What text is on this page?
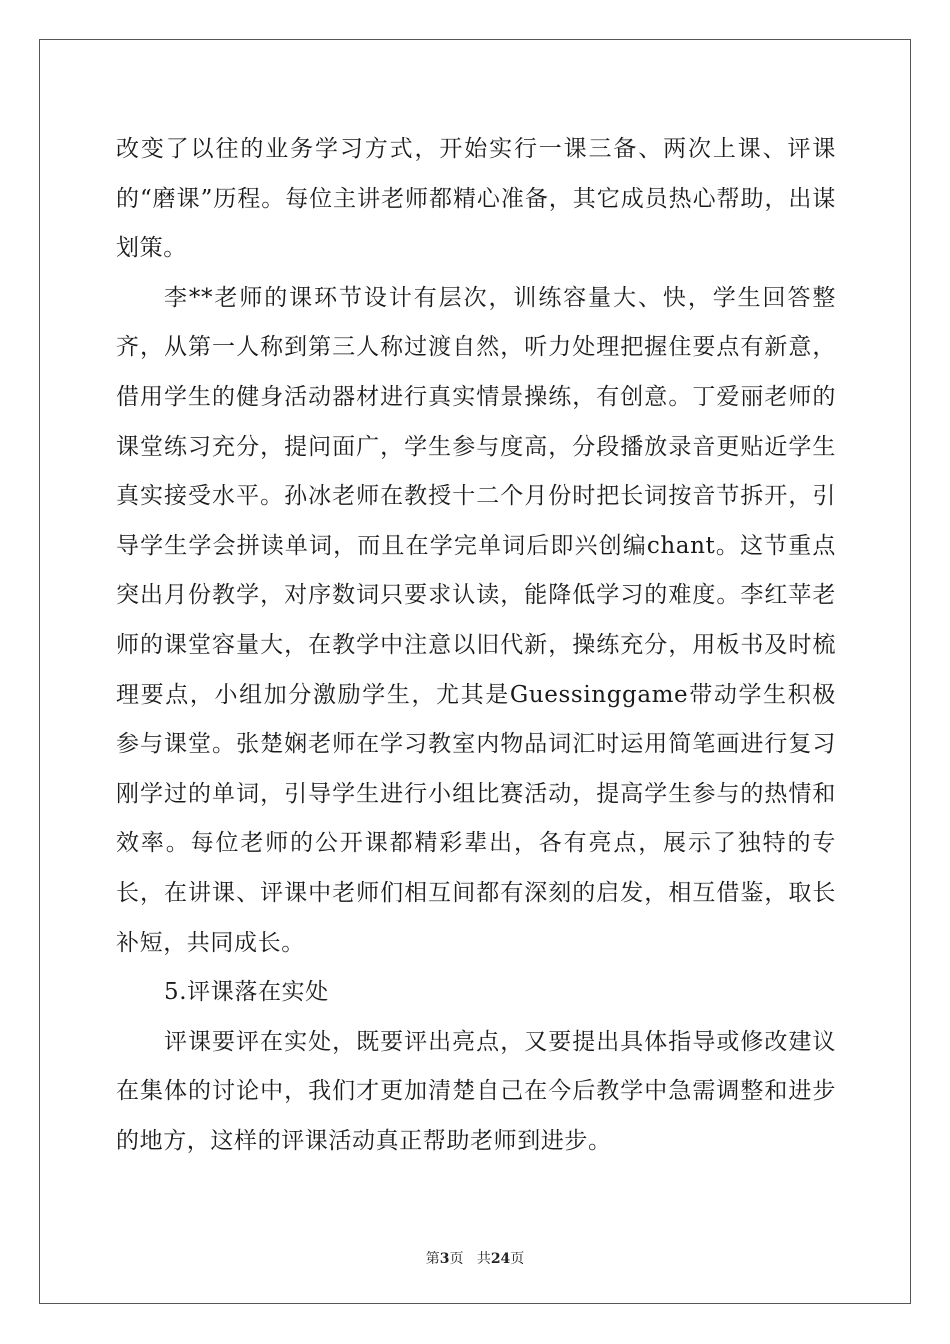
改变了以往的业务学习方式，开始实行一课三备、两次上课、评课的“磨课”历程。每位主讲老师都精心准备，其它成员热心帮助，出谋划策。

李**老师的课环节设计有层次，训练容量大、快，学生回答整齐，从第一人称到第三人称过渡自然，听力处理把握住要点有新意，借用学生的健身活动器材进行真实情景操练，有创意。丁爱丽老师的课堂练习充分，提问面广，学生参与度高，分段播放录音更贴近学生真实接受水平。孙冰老师在教授十二个月份时把长词按音节拆开，引导学生学会拼读单词，而且在学完单词后即兴创编chant。这节重点突出月份教学，对序数词只要求认读，能降低学习的难度。李红苹老师的课堂容量大，在教学中注意以旧代新，操练充分，用板书及时梳理要点，小组加分激励学生，尤其是Guessinggame带动学生积极参与课堂。张楚娴老师在学习教室内物品词汇时运用简笔画进行复习刚学过的单词，引导学生进行小组比赛活动，提高学生参与的热情和效率。每位老师的公开课都精彩辈出，各有亮点，展示了独特的专长，在讲课、评课中老师们相互间都有深刻的启发，相互借鉴，取长补短，共同成长。

5.评课落在实处

评课要评在实处，既要评出亮点，又要提出具体指导或修改建议在集体的讨论中，我们才更加清楚自己在今后教学中急需调整和进步的地方，这样的评课活动真正帮助老师到进步。

第3页 共24页
